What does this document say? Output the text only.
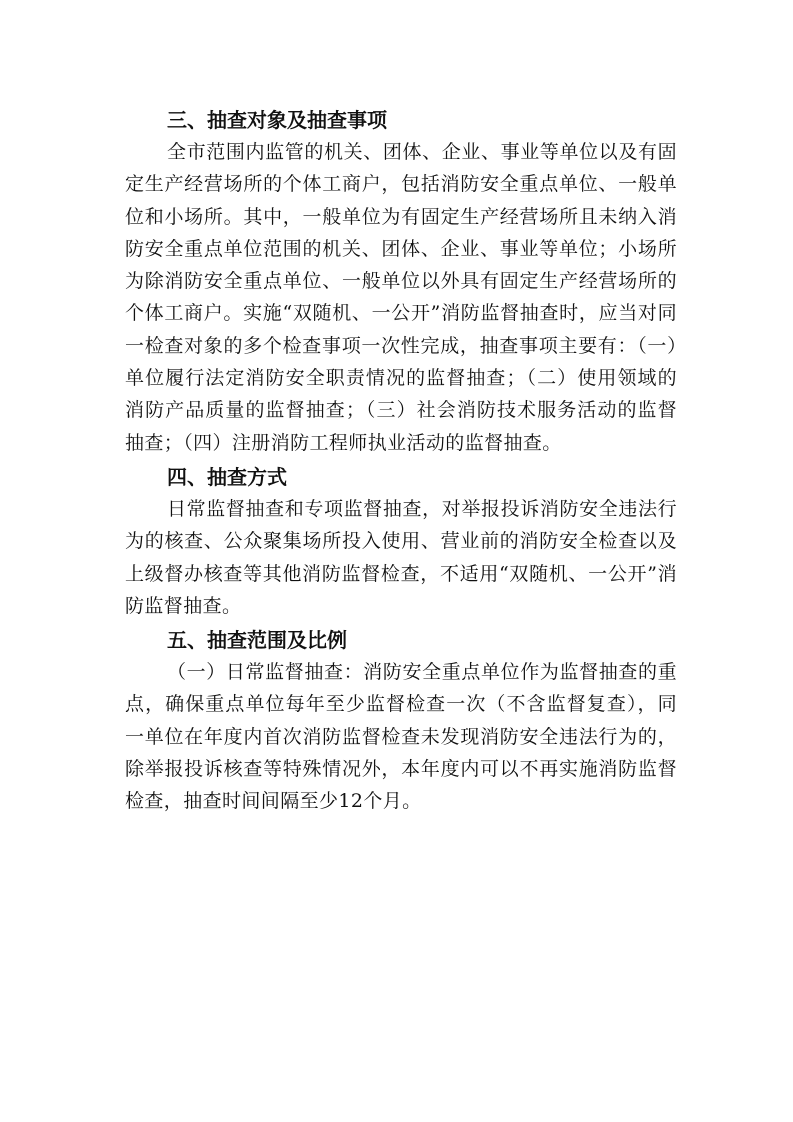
三、抽查对象及抽查事项

全市范围内监管的机关、团体、企业、事业等单位以及有固定生产经营场所的个体工商户，包括消防安全重点单位、一般单位和小场所。其中，一般单位为有固定生产经营场所且未纳入消防安全重点单位范围的机关、团体、企业、事业等单位；小场所为除消防安全重点单位、一般单位以外具有固定生产经营场所的个体工商户。实施“双随机、一公开”消防监督抽查时，应当对同一检查对象的多个检查事项一次性完成，抽查事项主要有：（一）单位履行法定消防安全职责情况的监督抽查；（二）使用领域的消防产品质量的监督抽查；（三）社会消防技术服务活动的监督抽查；（四）注册消防工程师执业活动的监督抽查。

四、抽查方式

日常监督抽查和专项监督抽查，对举报投诉消防安全违法行为的核查、公众聚集场所投入使用、营业前的消防安全检查以及上级督办核查等其他消防监督检查，不适用“双随机、一公开”消防监督抽查。

五、抽查范围及比例

（一）日常监督抽查：消防安全重点单位作为监督抽查的重点，确保重点单位每年至少监督检查一次（不含监督复查），同一单位在年度内首次消防监督检查未发现消防安全违法行为的，除举报投诉核查等特殊情况外，本年度内可以不再实施消防监督检查，抽查时间间隔至少12个月。
